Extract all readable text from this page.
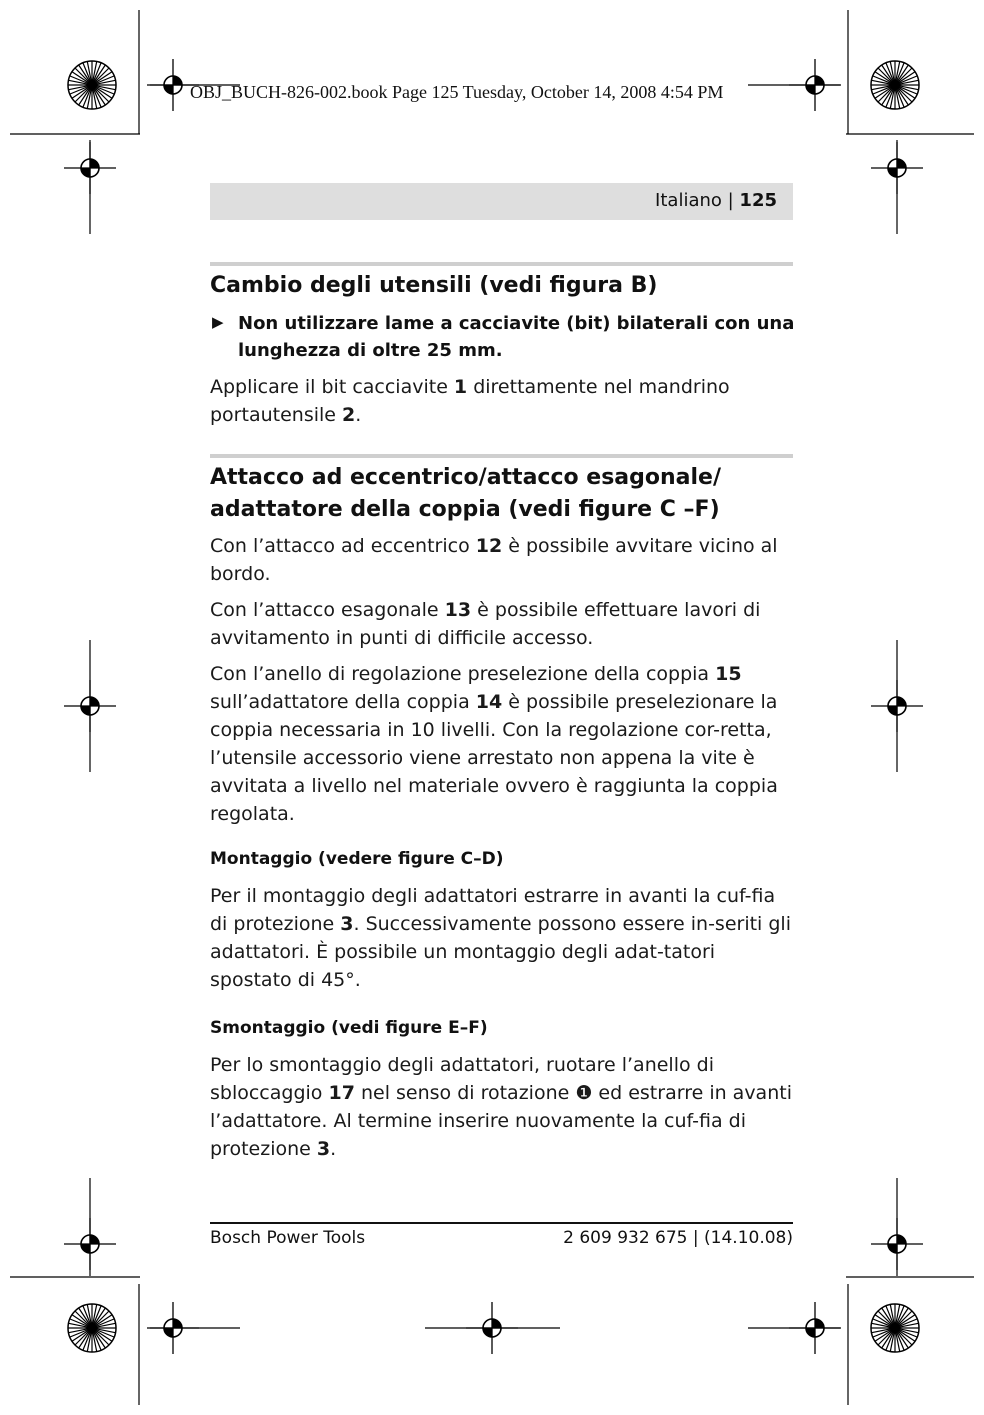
OBJ_BUCH-826-002.book Page 125 Tuesday, October 14, 2008 4:54 PM
Italiano | 125
Cambio degli utensili (vedi figura B)
▶ Non utilizzare lame a cacciavite (bit) bilaterali con una lunghezza di oltre 25 mm.

Applicare il bit cacciavite 1 direttamente nel mandrino portautensile 2.

Attacco ad eccentrico/attacco esagonale/ adattatore della coppia (vedi figure C –F)

Con l’attacco ad eccentrico 12 è possibile avvitare vicino al bordo.

Con l’attacco esagonale 13 è possibile effettuare lavori di avvitamento in punti di difficile accesso.

Con l’anello di regolazione preselezione della coppia 15 sull’adattatore della coppia 14 è possibile preselezionare la coppia necessaria in 10 livelli. Con la regolazione cor-retta, l’utensile accessorio viene arrestato non appena la vite è avvitata a livello nel materiale ovvero è raggiunta la coppia regolata.

Montaggio (vedere figure C–D)

Per il montaggio degli adattatori estrarre in avanti la cuf-fia di protezione 3. Successivamente possono essere in-seriti gli adattatori. È possibile un montaggio degli adat-tatori spostato di 45°.

Smontaggio (vedi figure E–F)

Per lo smontaggio degli adattatori, ruotare l’anello di sbloccaggio 17 nel senso di rotazione ❶ ed estrarre in avanti l’adattatore. Al termine inserire nuovamente la cuf-fia di protezione 3.

Bosch Power Tools	2 609 932 675 | (14.10.08)
